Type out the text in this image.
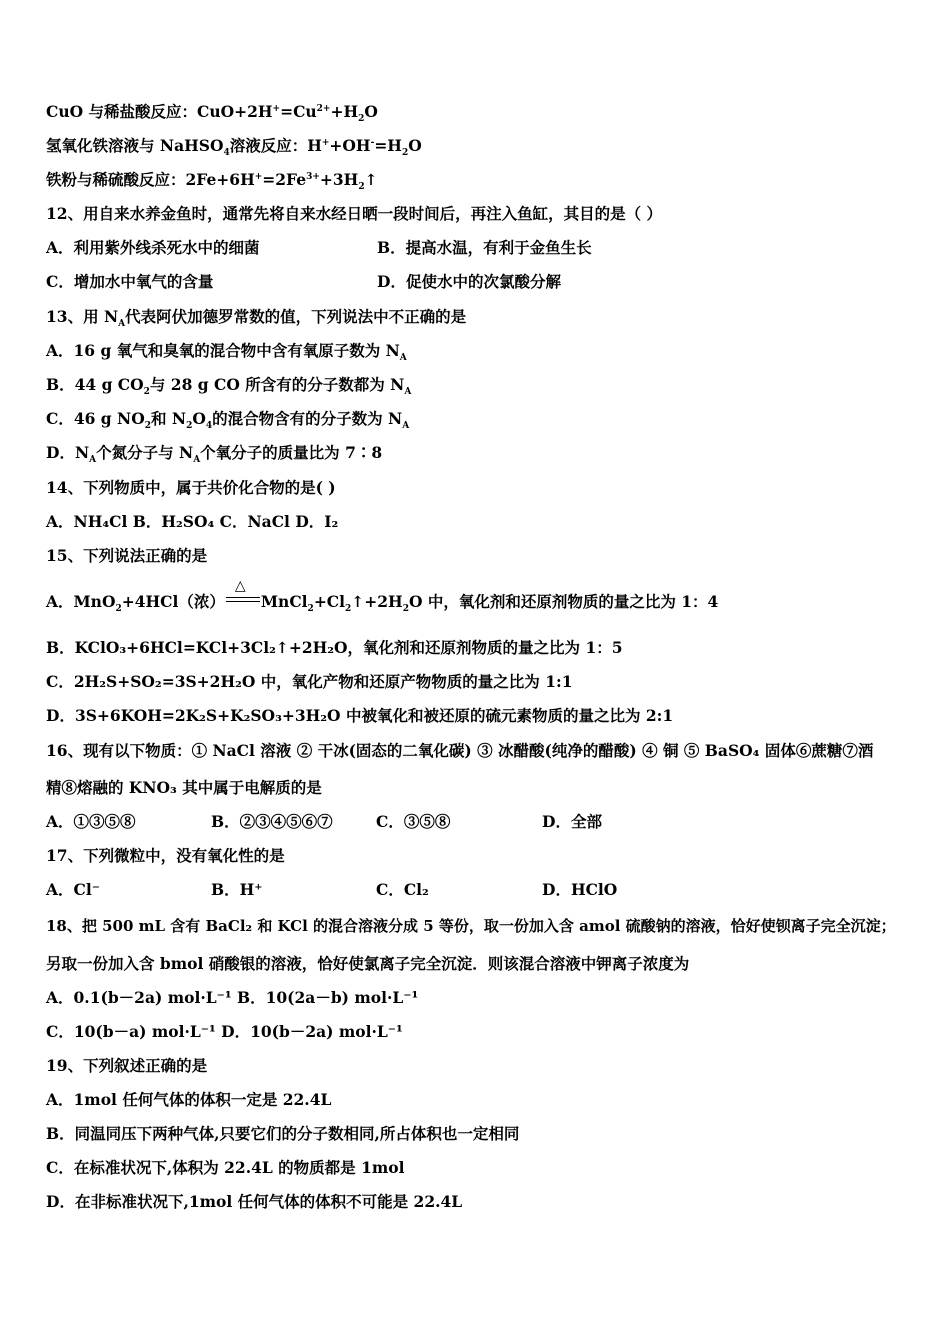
CuO 与稀盐酸反应：$CuO+2H^+=Cu^{2+}+H_2O$
氢氧化铁溶液与 NaHSO$_4$溶液反应：$H^++OH^-=H_2O$
铁粉与稀硫酸反应：$2Fe+6H^+=2Fe^{3+}+3H_2↑$
12、用自来水养金鱼时，通常先将自来水经日晒一段时间后，再注入鱼缸，其目的是（ ）
A．利用紫外线杀死水中的细菌	B．提高水温，有利于金鱼生长
C．增加水中氧气的含量	D．促使水中的次氯酸分解
13、用 $N_A$代表阿伏加德罗常数的值，下列说法中不正确的是
A．16 g 氧气和臭氧的混合物中含有氧原子数为 $N_A$
B．44 g $CO_2$与 28 g CO 所含有的分子数都为 $N_A$
C．46 g $NO_2$和 $N_2O_4$的混合物含有的分子数为 $N_A$
D．$N_A$个氮分子与 $N_A$个氧分子的质量比为 7∶8
14、下列物质中，属于共价化合物的是( )
A．NH₄Cl B．H₂SO₄ C．NaCl D．I₂
15、下列说法正确的是
A．MnO$_2$+4HCl（浓）
△
$MnCl_2+Cl_2↑+2H_2O$ 中，氧化剂和还原剂物质的量之比为 1：4
B．KClO₃+6HCl=KCl+3Cl₂↑+2H₂O，氧化剂和还原剂物质的量之比为 1：5
C．2H₂S+SO₂=3S+2H₂O 中，氧化产物和还原产物物质的量之比为 1:1
D．3S+6KOH=2K₂S+K₂SO₃+3H₂O 中被氧化和被还原的硫元素物质的量之比为 2:1
16、现有以下物质：① NaCl 溶液 ② 干冰(固态的二氧化碳) ③ 冰醋酸(纯净的醋酸) ④ 铜 ⑤ BaSO₄ 固体⑥蔗糖⑦酒
精⑧熔融的 KNO₃ 其中属于电解质的是
A．①③⑤⑧	B．②③④⑤⑥⑦	C．③⑤⑧	D．全部
17、下列微粒中，没有氧化性的是
A．Cl⁻	B．H⁺	C．Cl₂	D．HClO
18、把 500 mL 含有 BaCl₂ 和 KCl 的混合溶液分成 5 等份，取一份加入含 amol 硫酸钠的溶液，恰好使钡离子完全沉淀；
另取一份加入含 bmol 硝酸银的溶液，恰好使氯离子完全沉淀．则该混合溶液中钾离子浓度为
A．0.1(b－2a) mol·L⁻¹ B．10(2a－b) mol·L⁻¹
C．10(b－a) mol·L⁻¹ D．10(b－2a) mol·L⁻¹
19、下列叙述正确的是
A．1mol 任何气体的体积一定是 22.4L
B．同温同压下两种气体,只要它们的分子数相同,所占体积也一定相同
C．在标准状况下,体积为 22.4L 的物质都是 1mol
D．在非标准状况下,1mol 任何气体的体积不可能是 22.4L
